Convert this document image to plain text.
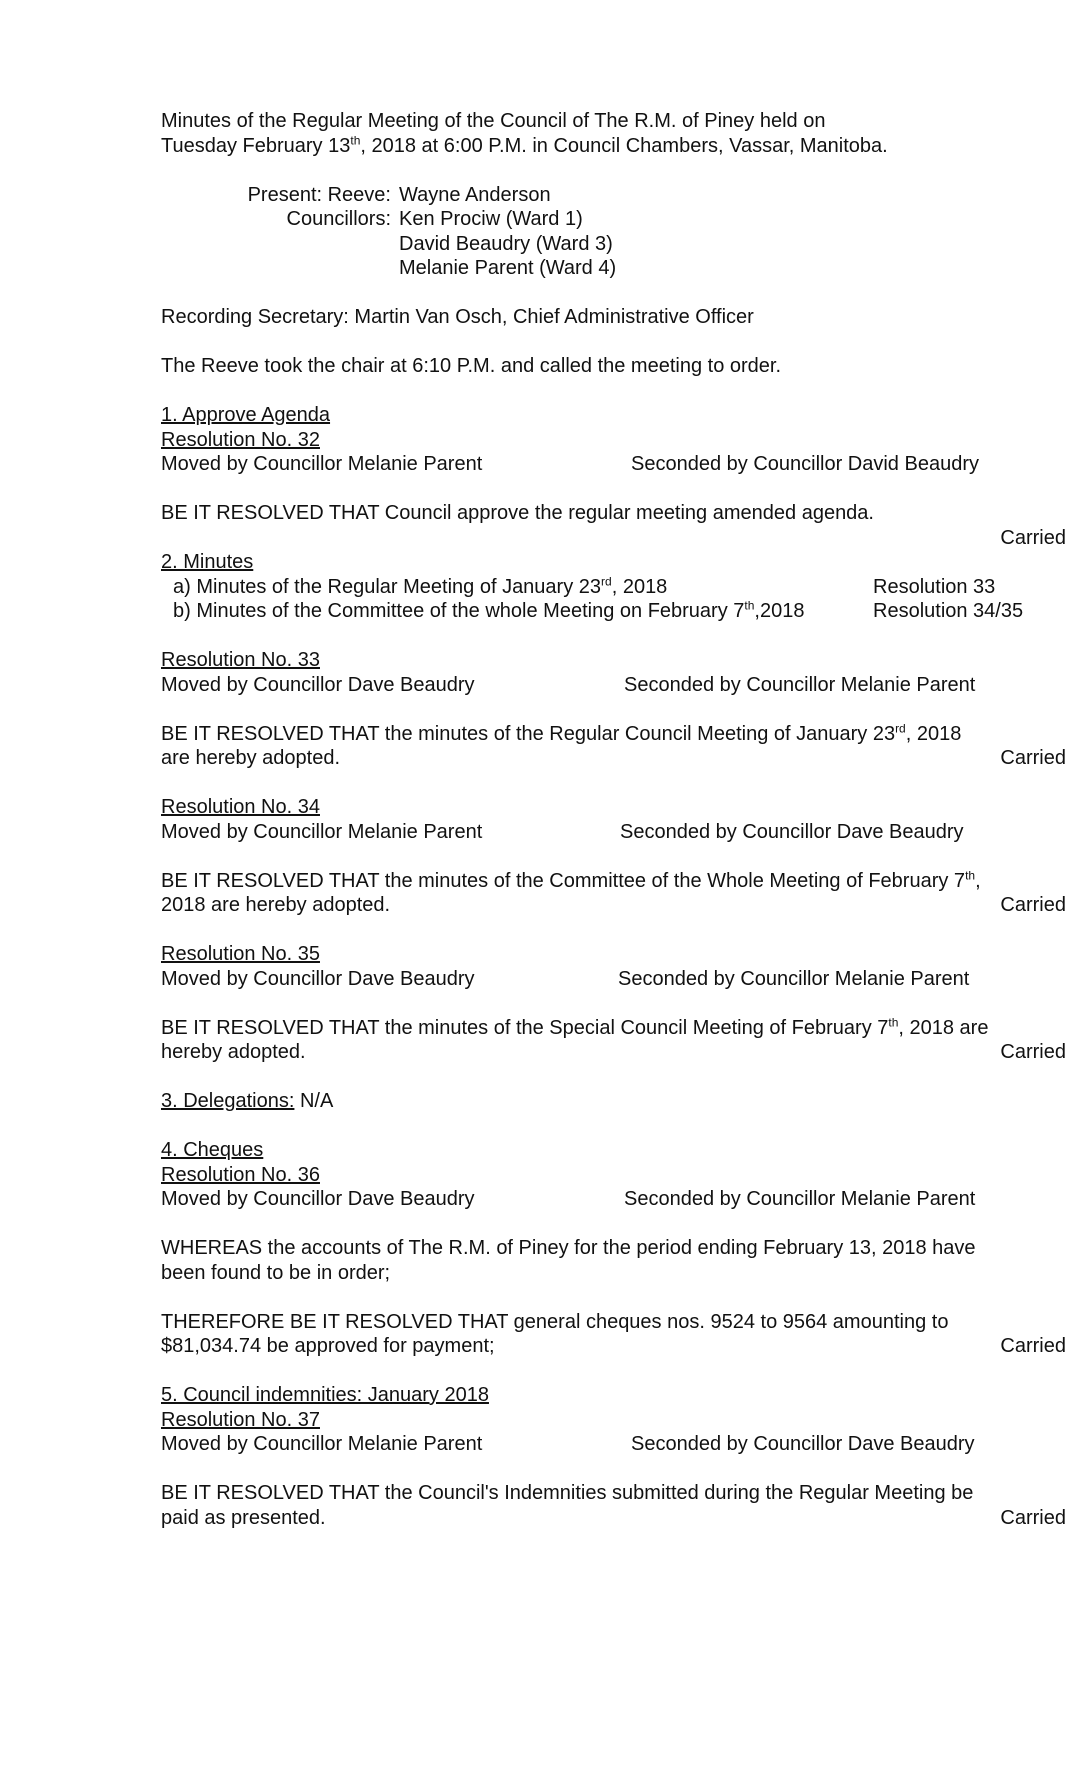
Minutes of the Regular Meeting of the Council of The R.M. of Piney held on
Tuesday February 13th, 2018 at 6:00 P.M. in Council Chambers, Vassar, Manitoba.
Present: Reeve: Wayne Anderson
Councillors: Ken Prociw (Ward 1)
David Beaudry (Ward 3)
Melanie Parent (Ward 4)
Recording Secretary: Martin Van Osch, Chief Administrative Officer
The Reeve took the chair at 6:10 P.M. and called the meeting to order.
1. Approve Agenda
Resolution No. 32
Moved by Councillor Melanie Parent	Seconded by Councillor David Beaudry
BE IT RESOLVED THAT Council approve the regular meeting amended agenda.
Carried
2. Minutes
a) Minutes of the Regular Meeting of January 23rd, 2018	Resolution 33
b) Minutes of the Committee of the whole Meeting on February 7th,2018	Resolution 34/35
Resolution No. 33
Moved by Councillor Dave Beaudry	Seconded by Councillor Melanie Parent
BE IT RESOLVED THAT the minutes of the Regular Council Meeting of January 23rd, 2018
are hereby adopted.	Carried
Resolution No. 34
Moved by Councillor Melanie Parent	Seconded by Councillor Dave Beaudry
BE IT RESOLVED THAT the minutes of the Committee of the Whole Meeting of February 7th,
2018 are hereby adopted.	Carried
Resolution No. 35
Moved by Councillor Dave Beaudry	Seconded by Councillor Melanie Parent
BE IT RESOLVED THAT the minutes of the Special Council Meeting of February 7th, 2018 are
hereby adopted.	Carried
3. Delegations: N/A
4. Cheques
Resolution No. 36
Moved by Councillor Dave Beaudry	Seconded by Councillor Melanie Parent
WHEREAS the accounts of The R.M. of Piney for the period ending February 13, 2018 have
been found to be in order;
THEREFORE BE IT RESOLVED THAT general cheques nos. 9524 to 9564 amounting to
$81,034.74 be approved for payment;	Carried
5. Council indemnities: January 2018
Resolution No. 37
Moved by Councillor Melanie Parent	Seconded by Councillor Dave Beaudry
BE IT RESOLVED THAT the Council's Indemnities submitted during the Regular Meeting be
paid as presented.	Carried
